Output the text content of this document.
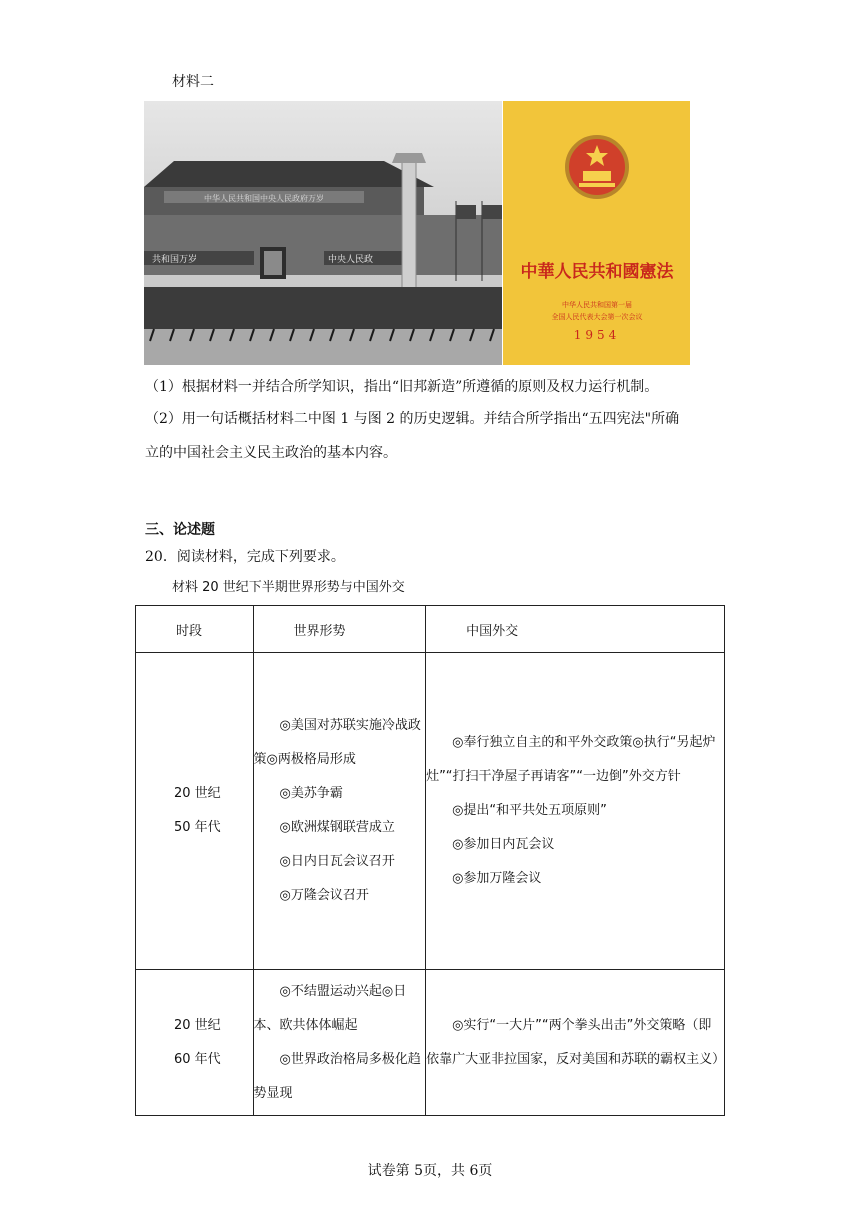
材料二
中华人民共和国中央人民政府万岁
共和国万岁	中央人民政
中華人民共和國憲法
中华人民共和国第一届
全国人民代表大会第一次会议
1954
（1）根据材料一并结合所学知识，指出“旧邦新造”所遵循的原则及权力运行机制。
（2）用一句话概括材料二中图 1 与图 2 的历史逻辑。并结合所学指出“五四宪法"所确
立的中国社会主义民主政治的基本内容。
三、论述题
20．阅读材料，完成下列要求。
材料 20 世纪下半期世界形势与中国外交
时段	世界形势	中国外交

20 世纪
50 年代	◎美国对苏联实施冷战政策◎两极格局形成
◎美苏争霸
◎欧洲煤钢联营成立
◎日内日瓦会议召开
◎万隆会议召开	◎奉行独立自主的和平外交政策◎执行“另起炉灶”“打扫干净屋子再请客”“一边倒”外交方针
◎提出“和平共处五项原则”
◎参加日内瓦会议
◎参加万隆会议

20 世纪
60 年代	◎不结盟运动兴起◎日本、欧共体体崛起
◎世界政治格局多极化趋势显现	◎实行“一大片”“两个拳头出击”外交策略（即依靠广大亚非拉国家，反对美国和苏联的霸权主义）
试卷第 5页，共 6页
